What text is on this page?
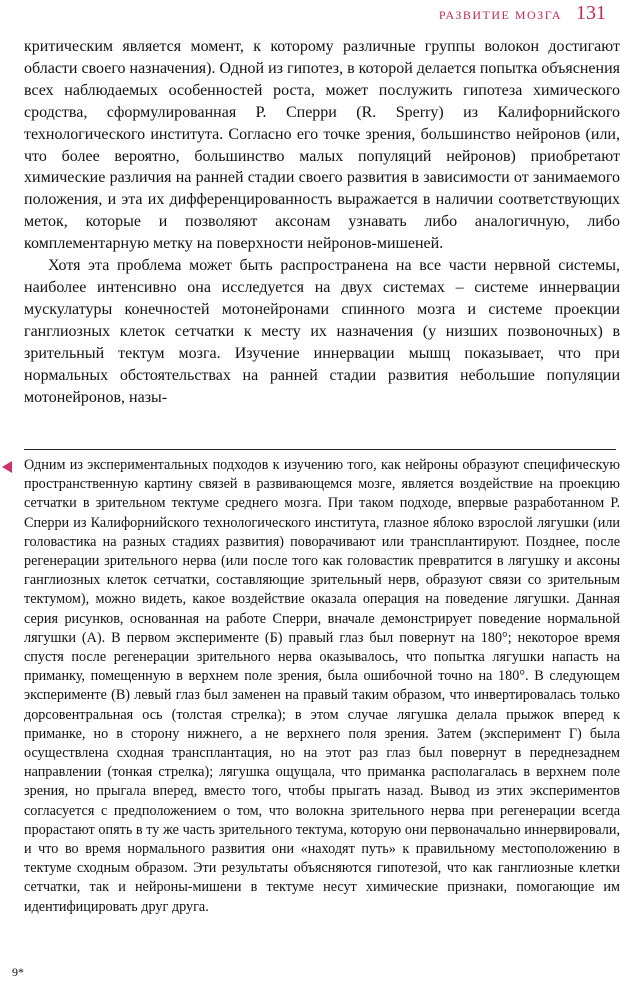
РАЗВИТИЕ МОЗГА 131

критическим является момент, к которому различные группы волокон достигают области своего назначения). Одной из гипотез, в которой делается попытка объяснения всех наблюдаемых особенностей роста, может послужить гипотеза химического сродства, сформулированная Р. Сперри (R. Sperry) из Калифорнийского технологического института. Согласно его точке зрения, большинство нейронов (или, что более вероятно, большинство малых популяций нейронов) приобретают химические различия на ранней стадии своего развития в зависимости от занимаемого положения, и эта их дифференцированность выражается в наличии соответствующих меток, которые и позволяют аксонам узнавать либо аналогичную, либо комплементарную метку на поверхности нейронов-мишеней.

Хотя эта проблема может быть распространена на все части нервной системы, наиболее интенсивно она исследуется на двух системах – системе иннервации мускулатуры конечностей мотонейронами спинного мозга и системе проекции ганглиозных клеток сетчатки к месту их назначения (у низших позвоночных) в зрительный тектум мозга. Изучение иннервации мышц показывает, что при нормальных обстоятельствах на ранней стадии развития небольшие популяции мотонейронов, назы-

Одним из экспериментальных подходов к изучению того, как нейроны образуют специфическую пространственную картину связей в развивающемся мозге, является воздействие на проекцию сетчатки в зрительном тектуме среднего мозга. При таком подходе, впервые разработанном Р. Сперри из Калифорнийского технологического института, глазное яблоко взрослой лягушки (или головастика на разных стадиях развития) поворачивают или трансплантируют. Позднее, после регенерации зрительного нерва (или после того как головастик превратится в лягушку и аксоны ганглиозных клеток сетчатки, составляющие зрительный нерв, образуют связи со зрительным тектумом), можно видеть, какое воздействие оказала операция на поведение лягушки. Данная серия рисунков, основанная на работе Сперри, вначале демонстрирует поведение нормальной лягушки (А). В первом эксперименте (Б) правый глаз был повернут на 180°; некоторое время спустя после регенерации зрительного нерва оказывалось, что попытка лягушки напасть на приманку, помещенную в верхнем поле зрения, была ошибочной точно на 180°. В следующем эксперименте (В) левый глаз был заменен на правый таким образом, что инвертировалась только дорсовентральная ось (толстая стрелка); в этом случае лягушка делала прыжок вперед к приманке, но в сторону нижнего, а не верхнего поля зрения. Затем (эксперимент Г) была осуществлена сходная трансплантация, но на этот раз глаз был повернут в переднезаднем направлении (тонкая стрелка); лягушка ощущала, что приманка располагалась в верхнем поле зрения, но прыгала вперед, вместо того, чтобы прыгать назад. Вывод из этих экспериментов согласуется с предположением о том, что волокна зрительного нерва при регенерации всегда прорастают опять в ту же часть зрительного тектума, которую они первоначально иннервировали, и что во время нормального развития они «находят путь» к правильному местоположению в тектуме сходным образом. Эти результаты объясняются гипотезой, что как ганглиозные клетки сетчатки, так и нейроны-мишени в тектуме несут химические признаки, помогающие им идентифицировать друг друга.

9*
